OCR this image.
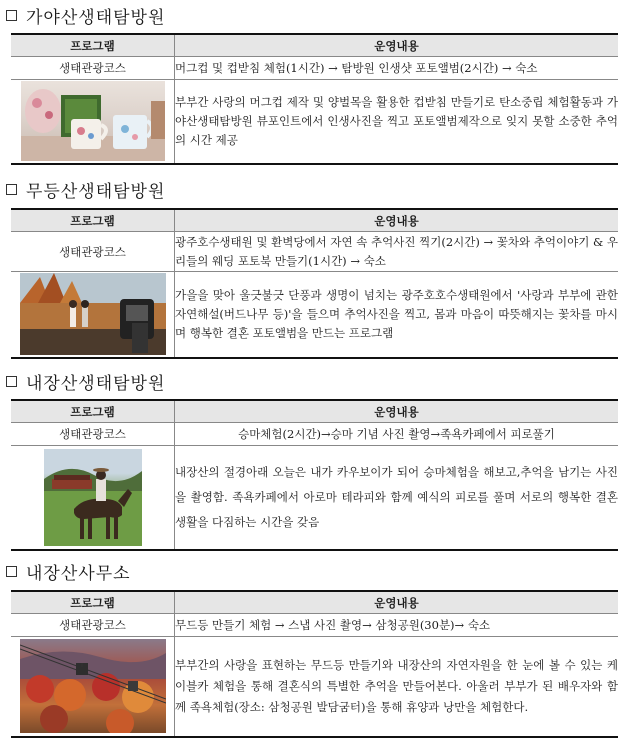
가야산생태탐방원
프로그램	운영내용
생태관광코스	머그컵 및 컵받침 체험(1시간) → 탐방원 인생샷 포토앨범(2시간) → 숙소
	부부간 사랑의 머그컵 제작 및 양벌목을 활용한 컵받침 만들기로 탄소중립 체험활동과 가야산생태탐방원 뷰포인트에서 인생사진을 찍고 포토앨범제작으로 잊지 못할 소중한 추억의 시간 제공
무등산생태탐방원
프로그램	운영내용
생태관광코스	광주호수생태원 및 환벽당에서 자연 속 추억사진 찍기(2시간) → 꽃차와 추억이야기 & 우리들의 웨딩 포토북 만들기(1시간) → 숙소
	가을을 맞아 울긋불긋 단풍과 생명이 넘치는 광주호호수생태원에서 '사랑과 부부에 관한 자연해설(버드나무 등)'을 들으며 추억사진을 찍고, 몸과 마음이 따뜻해지는 꽃차를 마시며 행복한 결혼 포토앨범을 만드는 프로그램
내장산생태탐방원
프로그램	운영내용
생태관광코스	승마체험(2시간)→승마 기념 사진 촬영→족욕카페에서 피로풀기
	내장산의 절경아래 오늘은 내가 카우보이가 되어 승마체험을 해보고,추억을 남기는 사진을 촬영함. 족욕카페에서 아로마 테라피와 함께 예식의 피로를 풀며 서로의 행복한 결혼생활을 다짐하는 시간을 갖음
내장산사무소
프로그램	운영내용
생태관광코스	무드등 만들기 체험 → 스냅 사진 촬영→ 삼청공원(30분)→ 숙소
	부부간의 사랑을 표현하는 무드등 만들기와 내장산의 자연자원을 한 눈에 볼 수 있는 케이블카 체험을 통해 결혼식의 특별한 추억을 만들어본다. 아울러 부부가 된 배우자와 함께 족욕체험(장소: 삼청공원 발담굼터)을 통해 휴양과 낭만을 체험한다.
